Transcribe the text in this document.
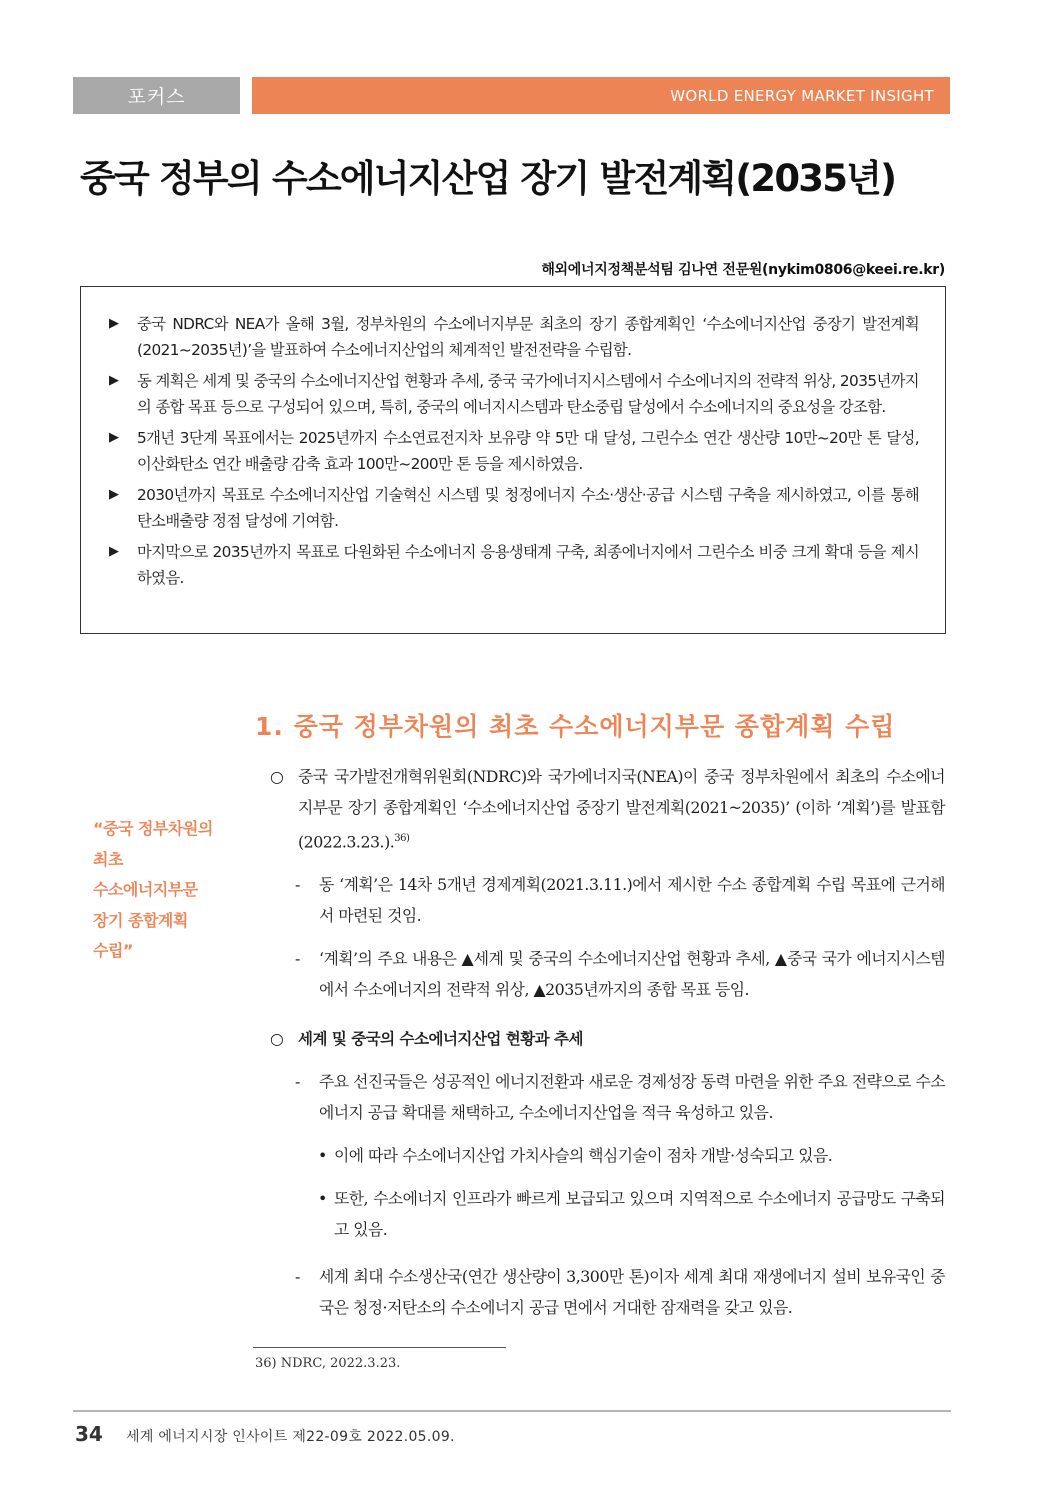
포커스	WORLD ENERGY MARKET INSIGHT
중국 정부의 수소에너지산업 장기 발전계획(2035년)
해외에너지정책분석팀 김나연 전문원(nykim0806@keei.re.kr)
▶ 중국 NDRC와 NEA가 올해 3월, 정부차원의 수소에너지부문 최초의 장기 종합계획인 ‘수소에너지산업 중장기 발전계획(2021~2035년)’을 발표하여 수소에너지산업의 체계적인 발전전략을 수립함.
▶ 동 계획은 세계 및 중국의 수소에너지산업 현황과 추세, 중국 국가에너지시스템에서 수소에너지의 전략적 위상, 2035년까지의 종합 목표 등으로 구성되어 있으며, 특히, 중국의 에너지시스템과 탄소중립 달성에서 수소에너지의 중요성을 강조함.
▶ 5개년 3단계 목표에서는 2025년까지 수소연료전지차 보유량 약 5만 대 달성, 그린수소 연간 생산량 10만~20만 톤 달성, 이산화탄소 연간 배출량 감축 효과 100만~200만 톤 등을 제시하였음.
▶ 2030년까지 목표로 수소에너지산업 기술혁신 시스템 및 청정에너지 수소·생산·공급 시스템 구축을 제시하였고, 이를 통해 탄소배출량 정점 달성에 기여함.
▶ 마지막으로 2035년까지 목표로 다원화된 수소에너지 응용생태계 구축, 최종에너지에서 그린수소 비중 크게 확대 등을 제시하였음.
“중국 정부차원의
최초
수소에너지부문
장기 종합계획
수립”
1. 중국 정부차원의 최초 수소에너지부문 종합계획 수립
○ 중국 국가발전개혁위원회(NDRC)와 국가에너지국(NEA)이 중국 정부차원에서 최초의 수소에너지부문 장기 종합계획인 ‘수소에너지산업 중장기 발전계획(2021~2035)’ (이하 ‘계획’)를 발표함(2022.3.23.).$^{36)}$
- 동 ‘계획’은 14차 5개년 경제계획(2021.3.11.)에서 제시한 수소 종합계획 수립 목표에 근거해서 마련된 것임.
- ‘계획’의 주요 내용은 ▲세계 및 중국의 수소에너지산업 현황과 추세, ▲중국 국가 에너지시스템에서 수소에너지의 전략적 위상, ▲2035년까지의 종합 목표 등임.
○ 세계 및 중국의 수소에너지산업 현황과 추세
- 주요 선진국들은 성공적인 에너지전환과 새로운 경제성장 동력 마련을 위한 주요 전략으로 수소에너지 공급 확대를 채택하고, 수소에너지산업을 적극 육성하고 있음.
• 이에 따라 수소에너지산업 가치사슬의 핵심기술이 점차 개발·성숙되고 있음.
• 또한, 수소에너지 인프라가 빠르게 보급되고 있으며 지역적으로 수소에너지 공급망도 구축되고 있음.
- 세계 최대 수소생산국(연간 생산량이 3,300만 톤)이자 세계 최대 재생에너지 설비 보유국인 중국은 청정·저탄소의 수소에너지 공급 면에서 거대한 잠재력을 갖고 있음.
36) NDRC, 2022.3.23.
34 세계 에너지시장 인사이트 제22-09호 2022.05.09.
